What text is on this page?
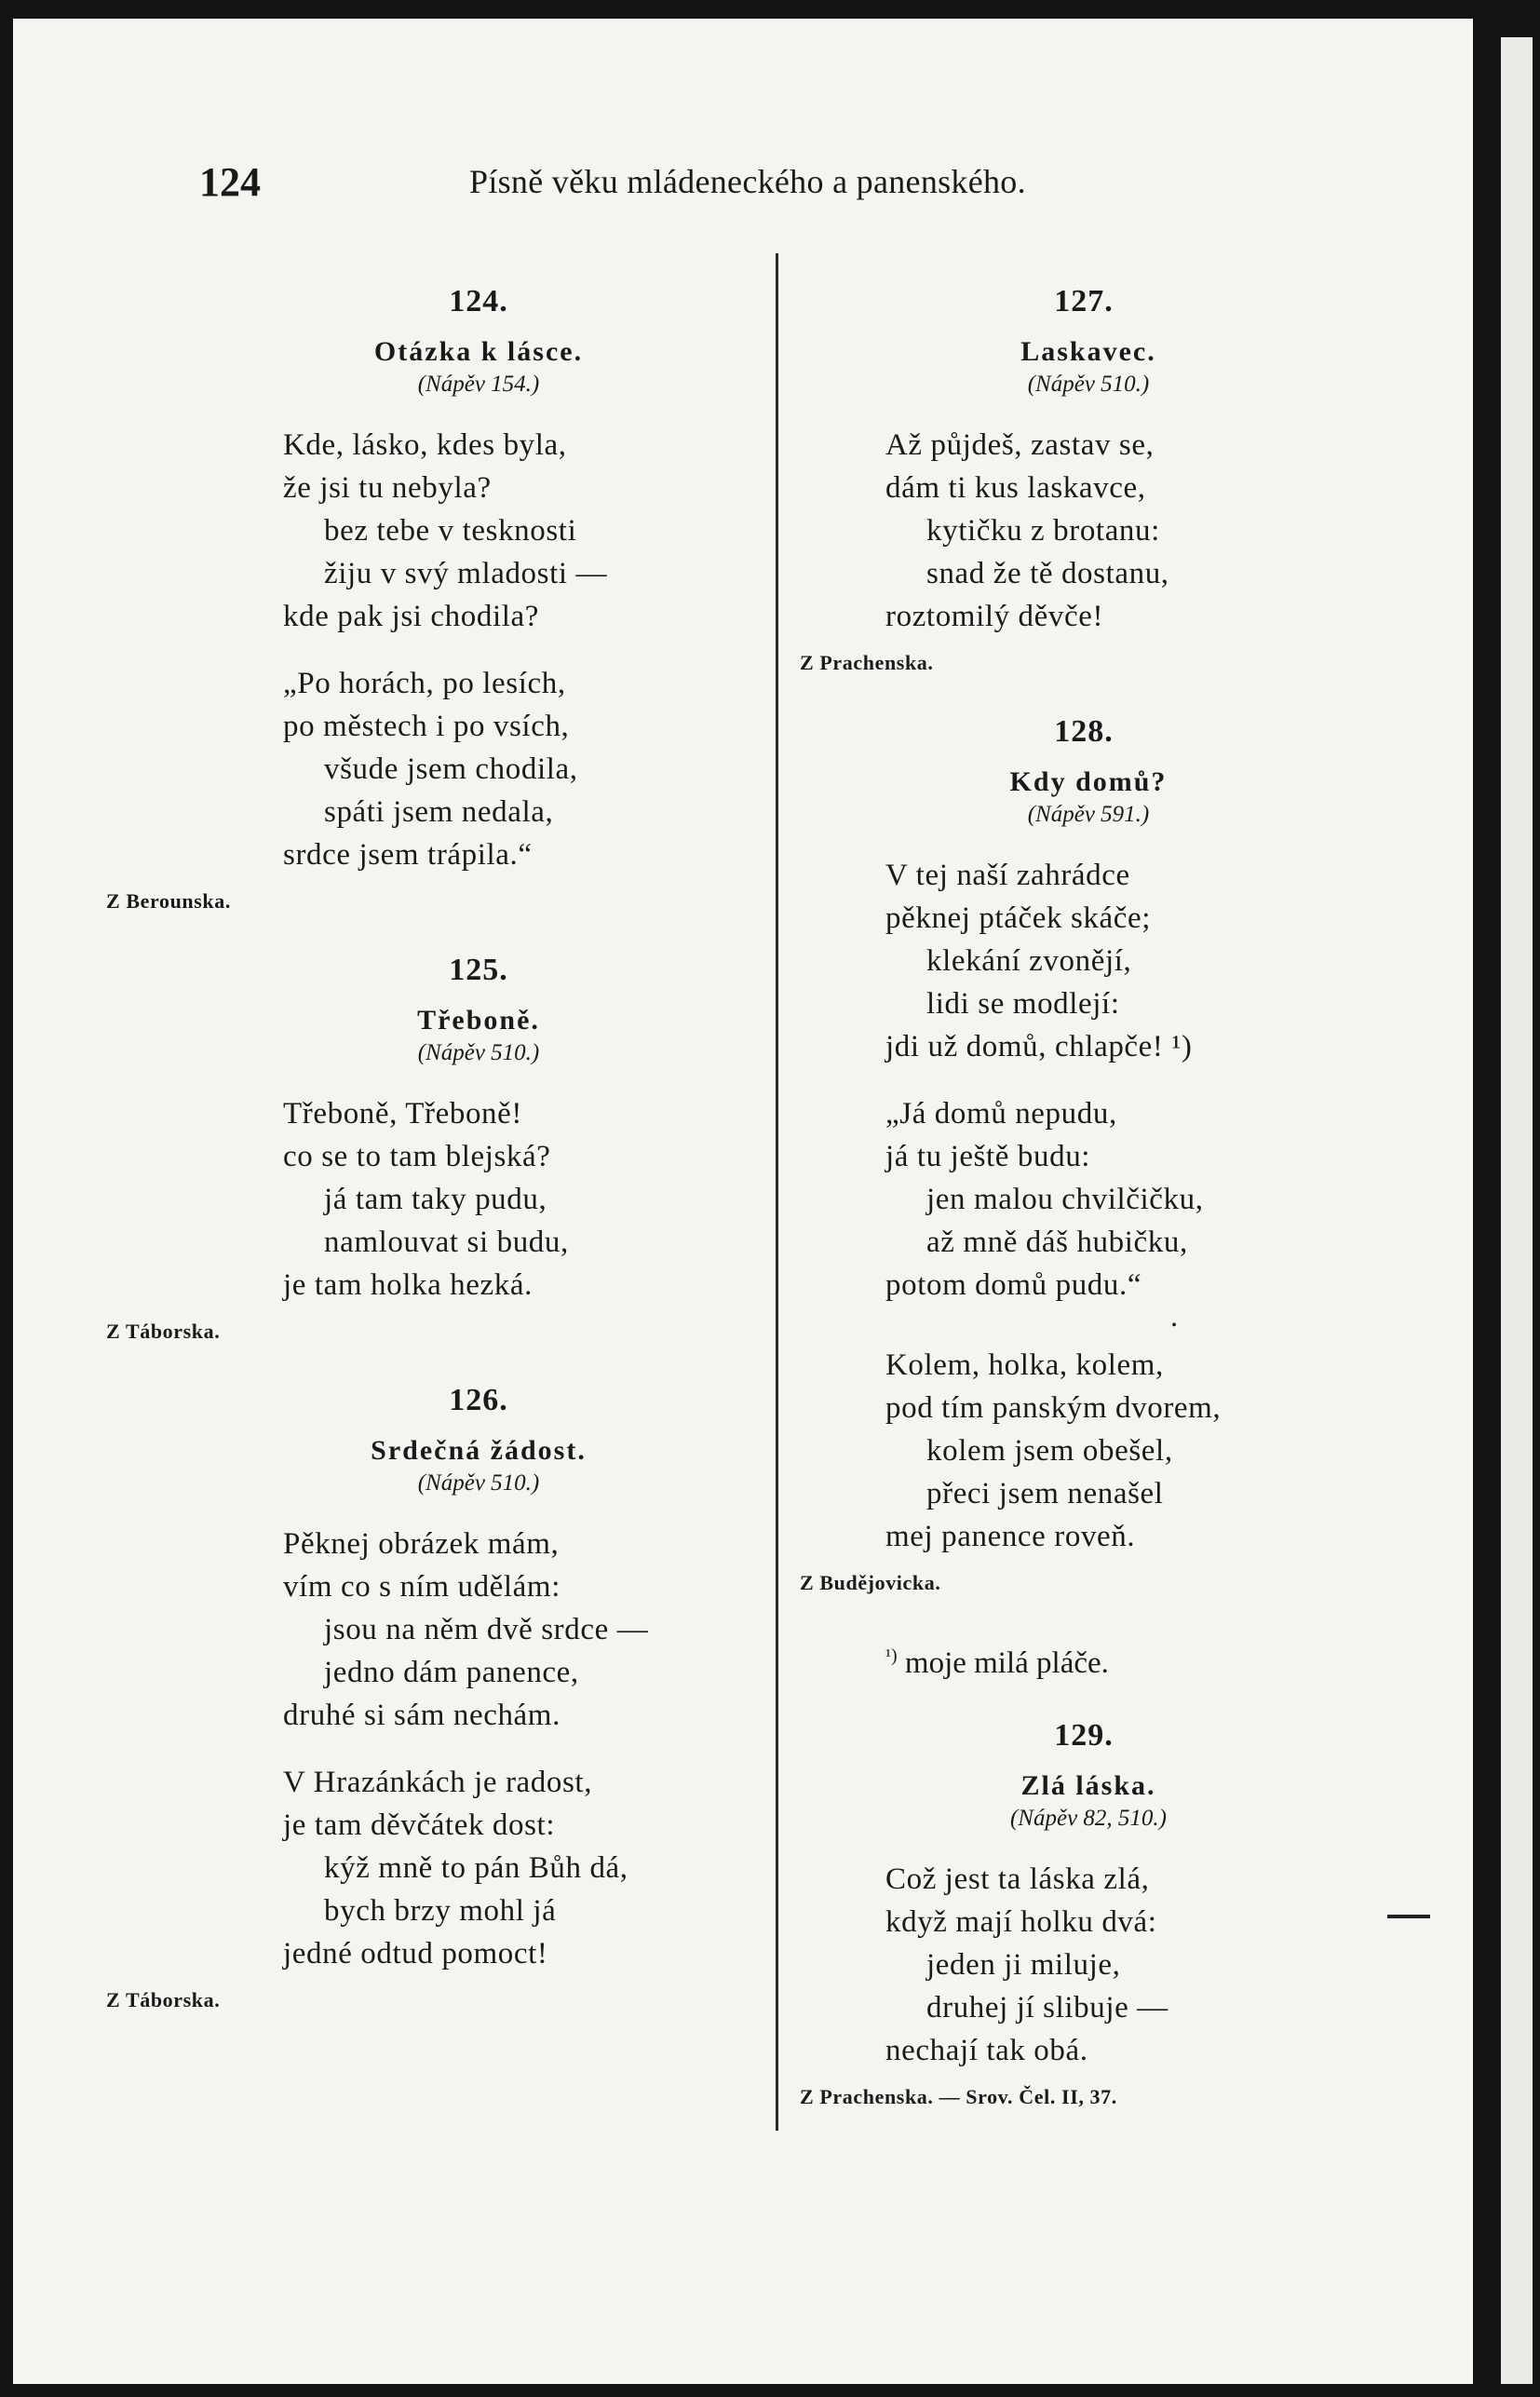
124	Písně věku mládeneckého a panenského.
124.
Otázka k lásce.
(Nápěv 154.)
Kde, lásko, kdes byla,
že jsi tu nebyla?
bez tebe v tesknosti
žiju v svý mladosti —
kde pak jsi chodila?
„Po horách, po lesích,
po městech i po vsích,
všude jsem chodila,
spáti jsem nedala,
srdce jsem trápila.“
Z Berounska.
125.
Třeboně.
(Nápěv 510.)
Třeboně, Třeboně!
co se to tam blejská?
já tam taky pudu,
namlouvat si budu,
je tam holka hezká.
Z Táborska.
126.
Srdečná žádost.
(Nápěv 510.)
Pěknej obrázek mám,
vím co s ním udělám:
jsou na něm dvě srdce —
jedno dám panence,
druhé si sám nechám.
V Hrazánkách je radost,
je tam děvčátek dost:
kýž mně to pán Bůh dá,
bych brzy mohl já
jedné odtud pomoct!
Z Táborska.
127.
Laskavec.
(Nápěv 510.)
Až půjdeš, zastav se,
dám ti kus laskavce,
kytičku z brotanu:
snad že tě dostanu,
roztomilý děvče!
Z Prachenska.
128.
Kdy domů?
(Nápěv 591.)
V tej naší zahrádce
pěknej ptáček skáče;
klekání zvonějí,
lidi se modlejí:
jdi už domů, chlapče! ¹)
„Já domů nepudu,
já tu ještě budu:
jen malou chvilčičku,
až mně dáš hubičku,
potom domů pudu.“
•
Kolem, holka, kolem,
pod tím panským dvorem,
kolem jsem obešel,
přeci jsem nenašel
mej panence roveň.
Z Budějovicka.
$^{^1)}$ moje milá pláče.
129.
Zlá láska.
(Nápěv 82, 510.)
Což jest ta láska zlá,
když mají holku dvá:
jeden ji miluje,
druhej jí slibuje —
nechají tak obá.
Z Prachenska. — Srov. Čel. II, 37.
